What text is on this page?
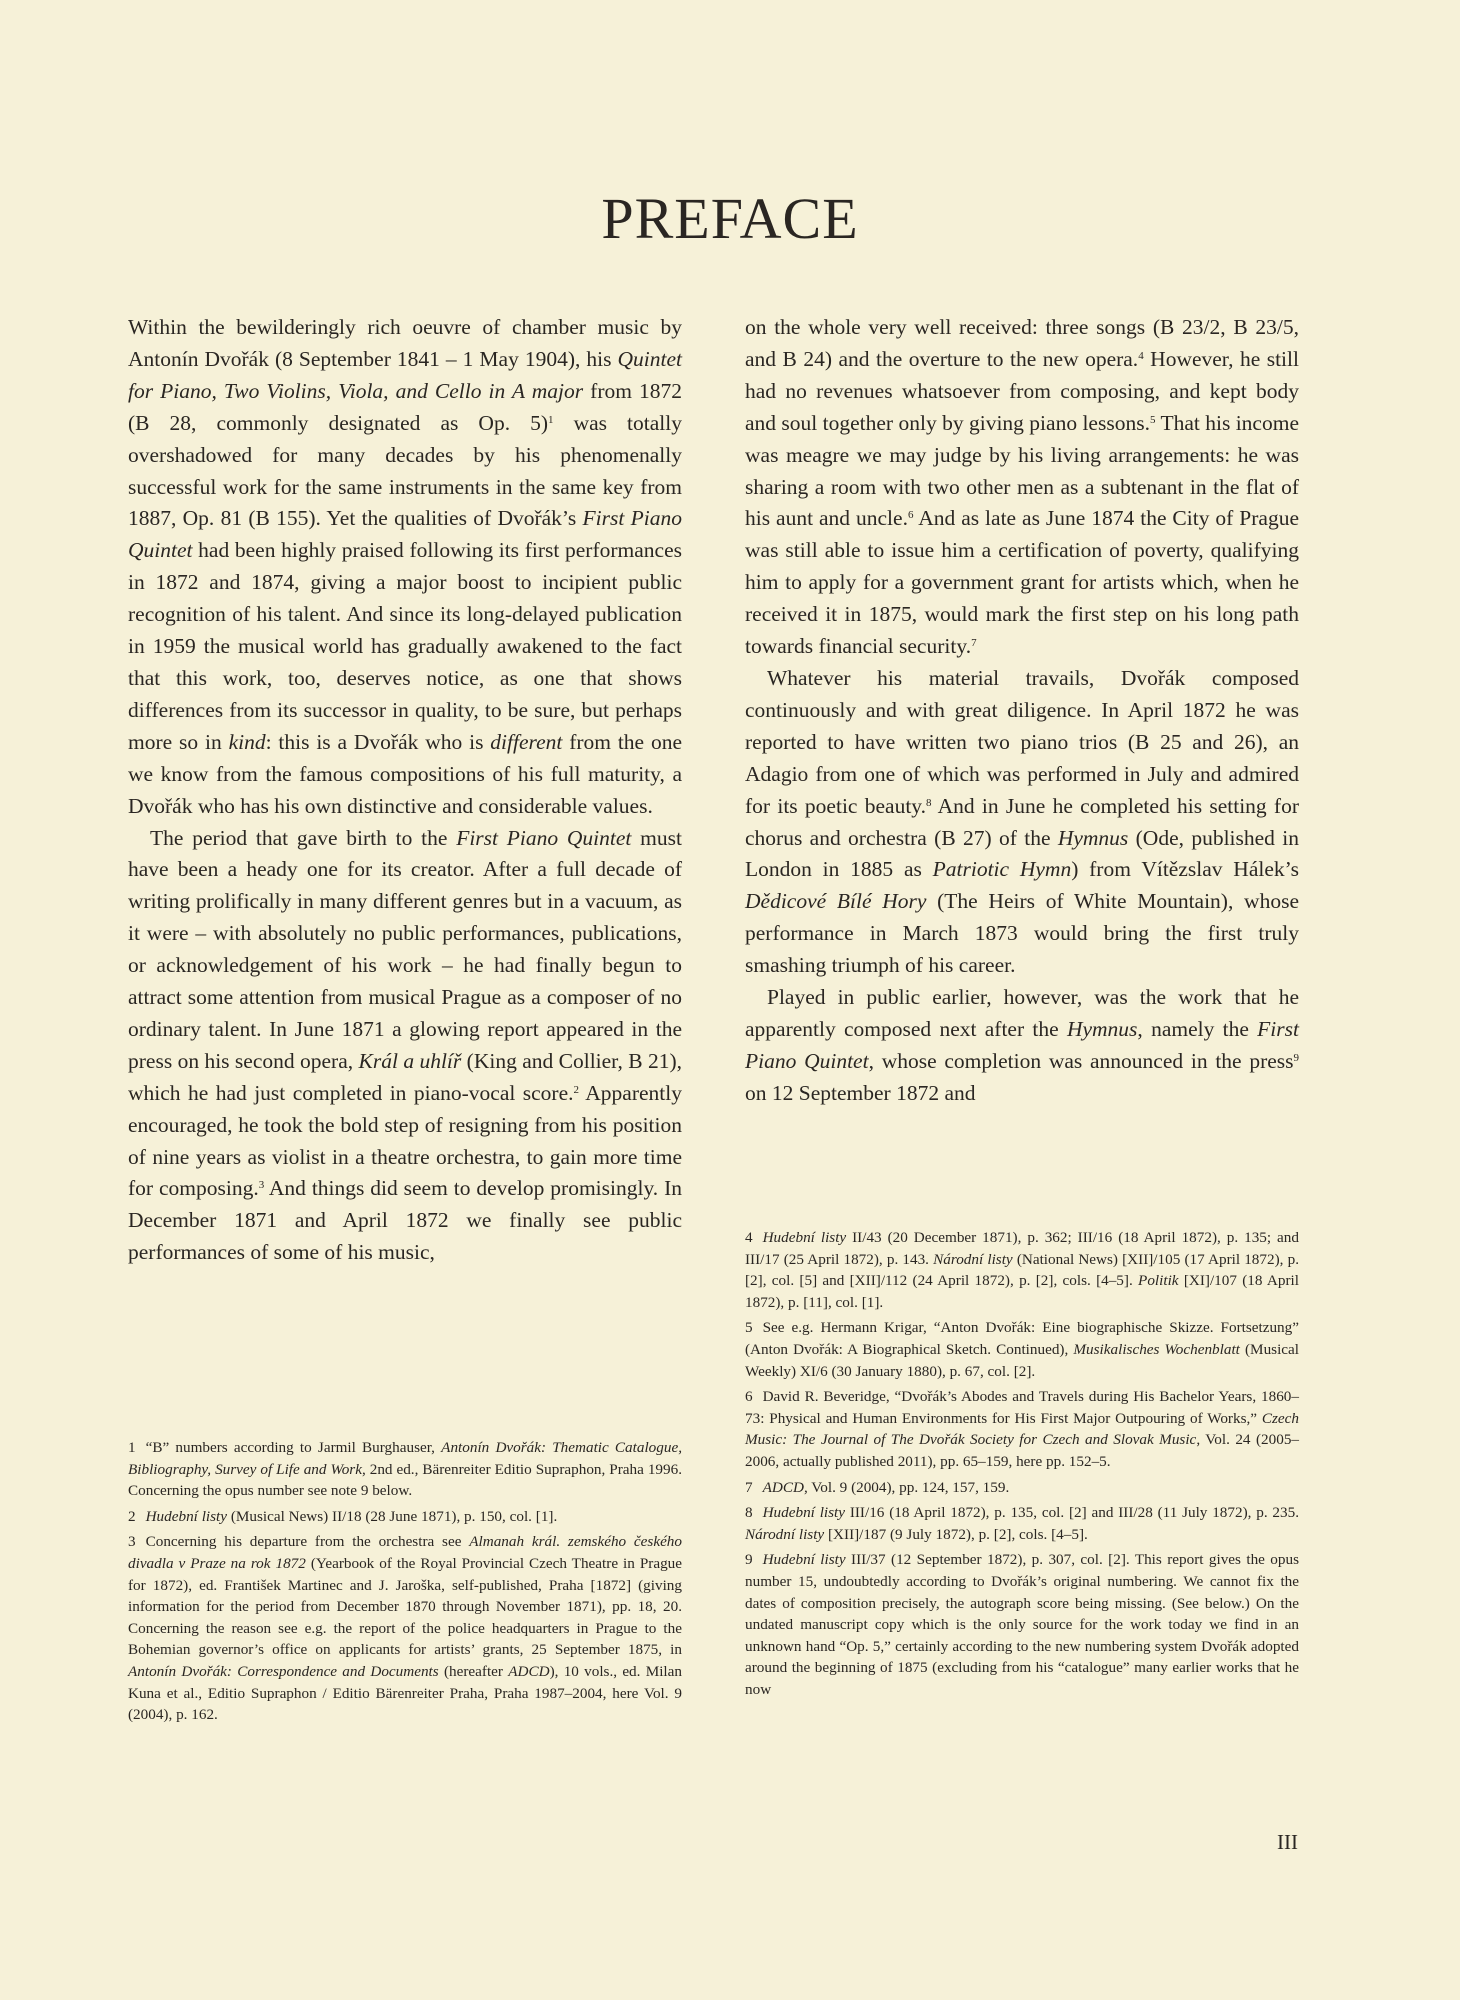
PREFACE

Within the bewilderingly rich oeuvre of chamber music by Antonín Dvořák (8 September 1841 – 1 May 1904), his Quintet for Piano, Two Violins, Viola, and Cello in A major from 1872 (B 28, commonly designated as Op. 5)$^1$ was totally overshadowed for many decades by his phenomenally successful work for the same instruments in the same key from 1887, Op. 81 (B 155). Yet the qualities of Dvořák’s First Piano Quintet had been highly praised following its first performances in 1872 and 1874, giving a major boost to incipient public recognition of his talent. And since its long-delayed publication in 1959 the musical world has gradually awakened to the fact that this work, too, deserves notice, as one that shows differences from its successor in quality, to be sure, but perhaps more so in kind: this is a Dvořák who is different from the one we know from the famous compositions of his full maturity, a Dvořák who has his own distinctive and considerable values.

The period that gave birth to the First Piano Quintet must have been a heady one for its creator. After a full decade of writing prolifically in many different genres but in a vacuum, as it were – with absolutely no public performances, publications, or acknowledgement of his work – he had finally begun to attract some attention from musical Prague as a composer of no ordinary talent. In June 1871 a glowing report appeared in the press on his second opera, Král a uhlíř (King and Collier, B 21), which he had just completed in piano-vocal score.$^2$ Apparently encouraged, he took the bold step of resigning from his position of nine years as violist in a theatre orchestra, to gain more time for composing.$^3$ And things did seem to develop promisingly. In December 1871 and April 1872 we finally see public performances of some of his music,

on the whole very well received: three songs (B 23/2, B 23/5, and B 24) and the overture to the new opera.$^4$ However, he still had no revenues whatsoever from composing, and kept body and soul together only by giving piano lessons.$^5$ That his income was meagre we may judge by his living arrangements: he was sharing a room with two other men as a subtenant in the flat of his aunt and uncle.$^6$ And as late as June 1874 the City of Prague was still able to issue him a certification of poverty, qualifying him to apply for a government grant for artists which, when he received it in 1875, would mark the first step on his long path towards financial security.$^7$

Whatever his material travails, Dvořák composed continuously and with great diligence. In April 1872 he was reported to have written two piano trios (B 25 and 26), an Adagio from one of which was performed in July and admired for its poetic beauty.$^8$ And in June he completed his setting for chorus and orchestra (B 27) of the Hymnus (Ode, published in London in 1885 as Patriotic Hymn) from Vítězslav Hálek’s Dědicové Bílé Hory (The Heirs of White Mountain), whose performance in March 1873 would bring the first truly smashing triumph of his career.

Played in public earlier, however, was the work that he apparently composed next after the Hymnus, namely the First Piano Quintet, whose completion was announced in the press$^9$ on 12 September 1872 and

1 “B” numbers according to Jarmil Burghauser, Antonín Dvořák: Thematic Catalogue, Bibliography, Survey of Life and Work, 2nd ed., Bärenreiter Editio Supraphon, Praha 1996. Concerning the opus number see note 9 below.

2 Hudební listy (Musical News) II/18 (28 June 1871), p. 150, col. [1].

3 Concerning his departure from the orchestra see Almanah král. zemského českého divadla v Praze na rok 1872 (Yearbook of the Royal Provincial Czech Theatre in Prague for 1872), ed. František Martinec and J. Jaroška, self-published, Praha [1872] (giving information for the period from December 1870 through November 1871), pp. 18, 20. Concerning the reason see e.g. the report of the police headquarters in Prague to the Bohemian governor’s office on applicants for artists’ grants, 25 September 1875, in Antonín Dvořák: Correspondence and Documents (hereafter ADCD), 10 vols., ed. Milan Kuna et al., Editio Supraphon / Editio Bärenreiter Praha, Praha 1987–2004, here Vol. 9 (2004), p. 162.

4 Hudební listy II/43 (20 December 1871), p. 362; III/16 (18 April 1872), p. 135; and III/17 (25 April 1872), p. 143. Národní listy (National News) [XII]/105 (17 April 1872), p. [2], col. [5] and [XII]/112 (24 April 1872), p. [2], cols. [4–5]. Politik [XI]/107 (18 April 1872), p. [11], col. [1].

5 See e.g. Hermann Krigar, “Anton Dvořák: Eine biographische Skizze. Fortsetzung” (Anton Dvořák: A Biographical Sketch. Continued), Musikalisches Wochenblatt (Musical Weekly) XI/6 (30 January 1880), p. 67, col. [2].

6 David R. Beveridge, “Dvořák’s Abodes and Travels during His Bachelor Years, 1860–73: Physical and Human Environments for His First Major Outpouring of Works,” Czech Music: The Journal of The Dvořák Society for Czech and Slovak Music, Vol. 24 (2005–2006, actually published 2011), pp. 65–159, here pp. 152–5.

7 ADCD, Vol. 9 (2004), pp. 124, 157, 159.

8 Hudební listy III/16 (18 April 1872), p. 135, col. [2] and III/28 (11 July 1872), p. 235. Národní listy [XII]/187 (9 July 1872), p. [2], cols. [4–5].

9 Hudební listy III/37 (12 September 1872), p. 307, col. [2]. This report gives the opus number 15, undoubtedly according to Dvořák’s original numbering. We cannot fix the dates of composition precisely, the autograph score being missing. (See below.) On the undated manuscript copy which is the only source for the work today we find in an unknown hand “Op. 5,” certainly according to the new numbering system Dvořák adopted around the beginning of 1875 (excluding from his “catalogue” many earlier works that he now

III
